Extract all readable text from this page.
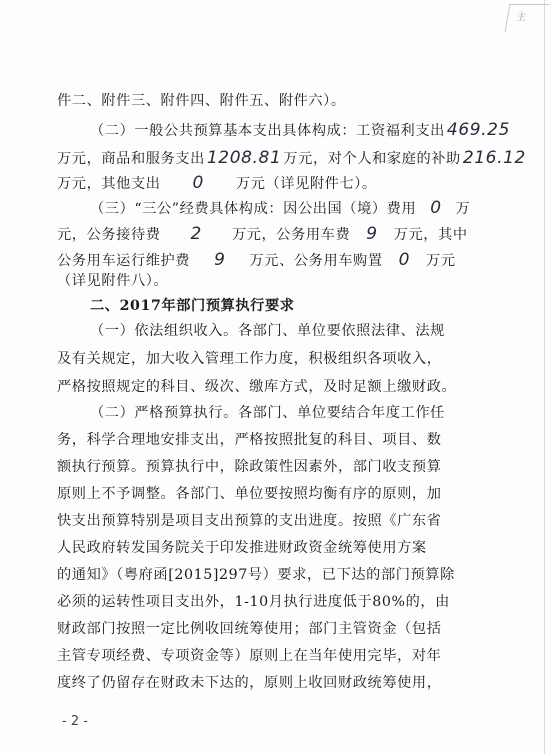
主
件二、附件三、附件四、附件五、附件六）。
（二）一般公共预算基本支出具体构成：工资福利支出 469.25
万元，商品和服务支出 1208.81 万元，对个人和家庭的补助 216.12
万元，其他支出 0 万元（详见附件七）。
（三）“三公”经费具体构成：因公出国（境）费用 0 万
元，公务接待费 2 万元，公务用车费 9 万元，其中
公务用车运行维护费 9 万元、公务用车购置 0 万元
（详见附件八）。
二、2017年部门预算执行要求
（一）依法组织收入。各部门、单位要依照法律、法规
及有关规定，加大收入管理工作力度，积极组织各项收入，
严格按照规定的科目、级次、缴库方式，及时足额上缴财政。
（二）严格预算执行。各部门、单位要结合年度工作任
务，科学合理地安排支出，严格按照批复的科目、项目、数
额执行预算。预算执行中，除政策性因素外，部门收支预算
原则上不予调整。各部门、单位要按照均衡有序的原则，加
快支出预算特别是项目支出预算的支出进度。按照《广东省
人民政府转发国务院关于印发推进财政资金统筹使用方案
的通知》（粤府函[2015]297号）要求，已下达的部门预算除
必须的运转性项目支出外，1-10月执行进度低于80%的，由
财政部门按照一定比例收回统筹使用；部门主管资金（包括
主管专项经费、专项资金等）原则上在当年使用完毕，对年
度终了仍留存在财政未下达的，原则上收回财政统筹使用，
- 2 -
